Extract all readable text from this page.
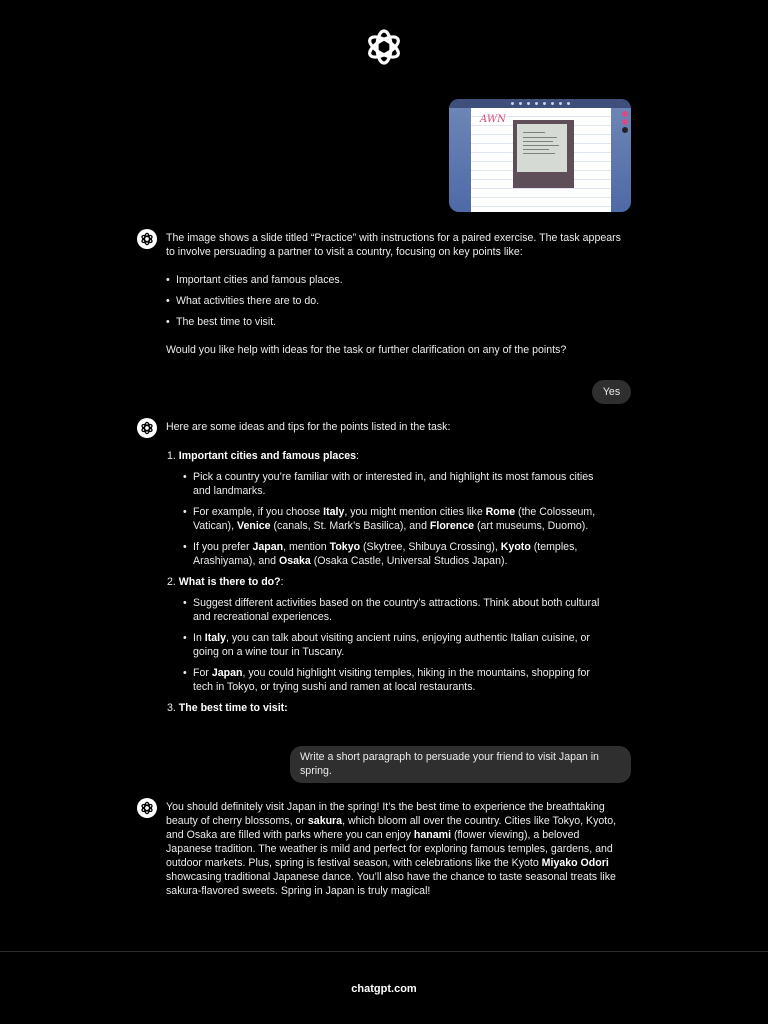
AWN

The image shows a slide titled “Practice” with instructions for a paired exercise. The task appears to involve persuading a partner to visit a country, focusing on key points like:

• Important cities and famous places.
• What activities there are to do.
• The best time to visit.

Would you like help with ideas for the task or further clarification on any of the points?

Yes

Here are some ideas and tips for the points listed in the task:

1. Important cities and famous places:

• Pick a country you’re familiar with or interested in, and highlight its most famous cities and landmarks.
• For example, if you choose Italy, you might mention cities like Rome (the Colosseum, Vatican), Venice (canals, St. Mark’s Basilica), and Florence (art museums, Duomo).
• If you prefer Japan, mention Tokyo (Skytree, Shibuya Crossing), Kyoto (temples, Arashiyama), and Osaka (Osaka Castle, Universal Studios Japan).

2. What is there to do?:

• Suggest different activities based on the country’s attractions. Think about both cultural and recreational experiences.
• In Italy, you can talk about visiting ancient ruins, enjoying authentic Italian cuisine, or going on a wine tour in Tuscany.
• For Japan, you could highlight visiting temples, hiking in the mountains, shopping for tech in Tokyo, or trying sushi and ramen at local restaurants.

3. The best time to visit:

Write a short paragraph to persuade your friend to visit Japan in spring.

You should definitely visit Japan in the spring! It’s the best time to experience the breathtaking beauty of cherry blossoms, or sakura, which bloom all over the country. Cities like Tokyo, Kyoto, and Osaka are filled with parks where you can enjoy hanami (flower viewing), a beloved Japanese tradition. The weather is mild and perfect for exploring famous temples, gardens, and outdoor markets. Plus, spring is festival season, with celebrations like the Kyoto Miyako Odori showcasing traditional Japanese dance. You’ll also have the chance to taste seasonal treats like sakura-flavored sweets. Spring in Japan is truly magical!

chatgpt.com
